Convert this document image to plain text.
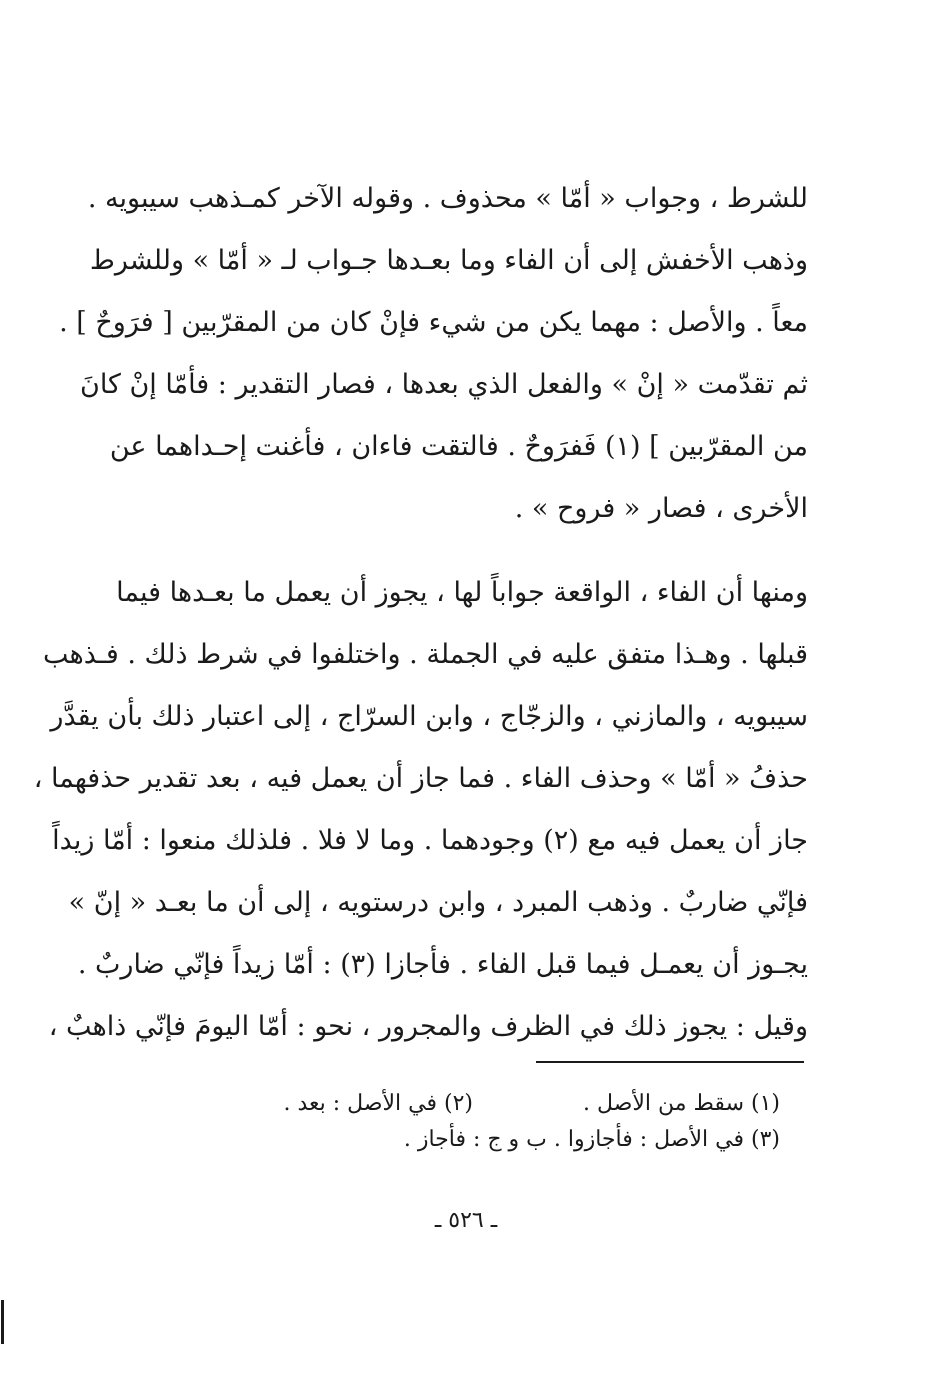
للشرط ، وجواب « أمّا » محذوف . وقوله الآخر كمـذهب سيبويه .
وذهب الأخفش إلى أن الفاء وما بعـدها جـواب لـ « أمّا » وللشرط
معاً . والأصل : مهما يكن من شيء فإنْ كان من المقرّبين [ فرَوحٌ ] .
ثم تقدّمت « إنْ » والفعل الذي بعدها ، فصار التقدير : فأمّا إنْ كانَ
من المقرّبين ] (١) فَفرَوحٌ . فالتقت فاءان ، فأغنت إحـداهما عن
الأخرى ، فصار « فروح » .
ومنها أن الفاء ، الواقعة جواباً لها ، يجوز أن يعمل ما بعـدها فيما
قبلها . وهـذا متفق عليه في الجملة . واختلفوا في شرط ذلك . فـذهب
سيبويه ، والمازني ، والزجّاج ، وابن السرّاج ، إلى اعتبار ذلك بأن يقدَّر
حذفُ « أمّا » وحذف الفاء . فما جاز أن يعمل فيه ، بعد تقدير حذفهما ،
جاز أن يعمل فيه مع (٢) وجودهما . وما لا فلا . فلذلك منعوا : أمّا زيداً
فإنّي ضاربٌ . وذهب المبرد ، وابن درستويه ، إلى أن ما بعـد « إنّ »
يجـوز أن يعمـل فيما قبل الفاء . فأجازا (٣) : أمّا زيداً فإنّي ضاربٌ .
وقيل : يجوز ذلك في الظرف والمجرور ، نحو : أمّا اليومَ فإنّي ذاهبٌ ،
(١) سقط من الأصل . (٢) في الأصل : بعد .
(٣) في الأصل : فأجازوا . ب و ج : فأجاز .
ـ ٥٢٦ ـ
